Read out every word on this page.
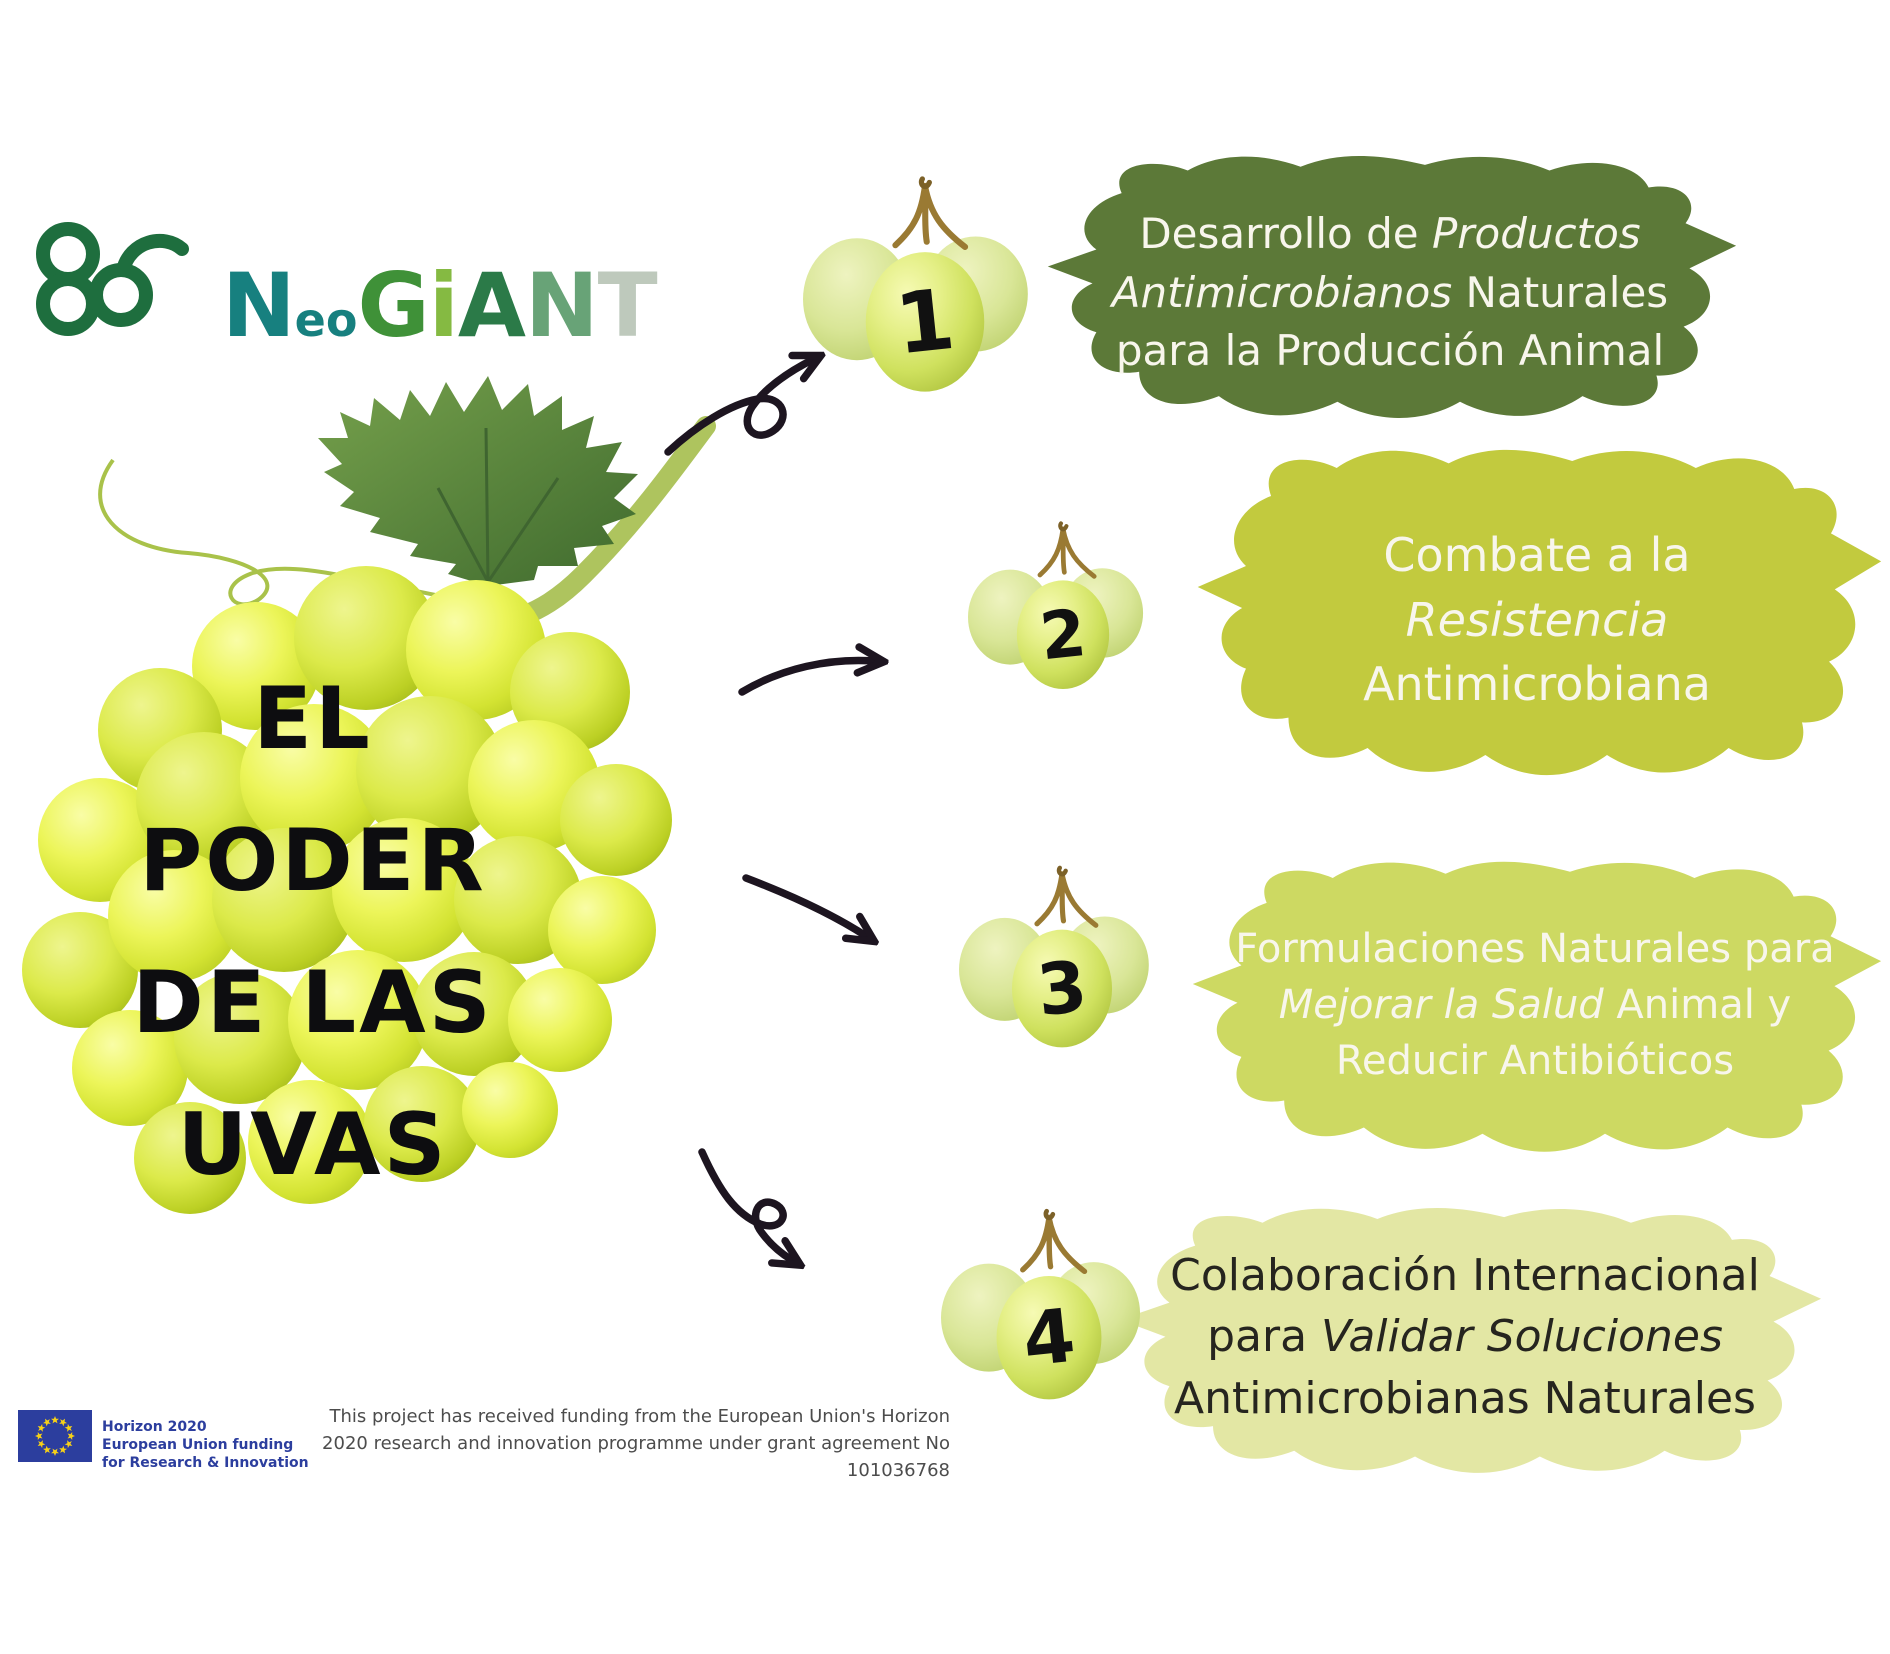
N eo G i A N T
EL PODER
DE LAS
UVAS
Desarrollo de Productos Antimicrobianos Naturales para la Producción Animal
Combate a la Resistencia Antimicrobiana
Formulaciones Naturales para Mejorar la Salud Animal y Reducir Antibióticos
Colaboración Internacional para Validar Soluciones Antimicrobianas Naturales
1
2
3
4
Horizon 2020
European Union funding
for Research & Innovation
This project has received funding from the European Union's Horizon 2020 research and innovation programme under grant agreement No 101036768
